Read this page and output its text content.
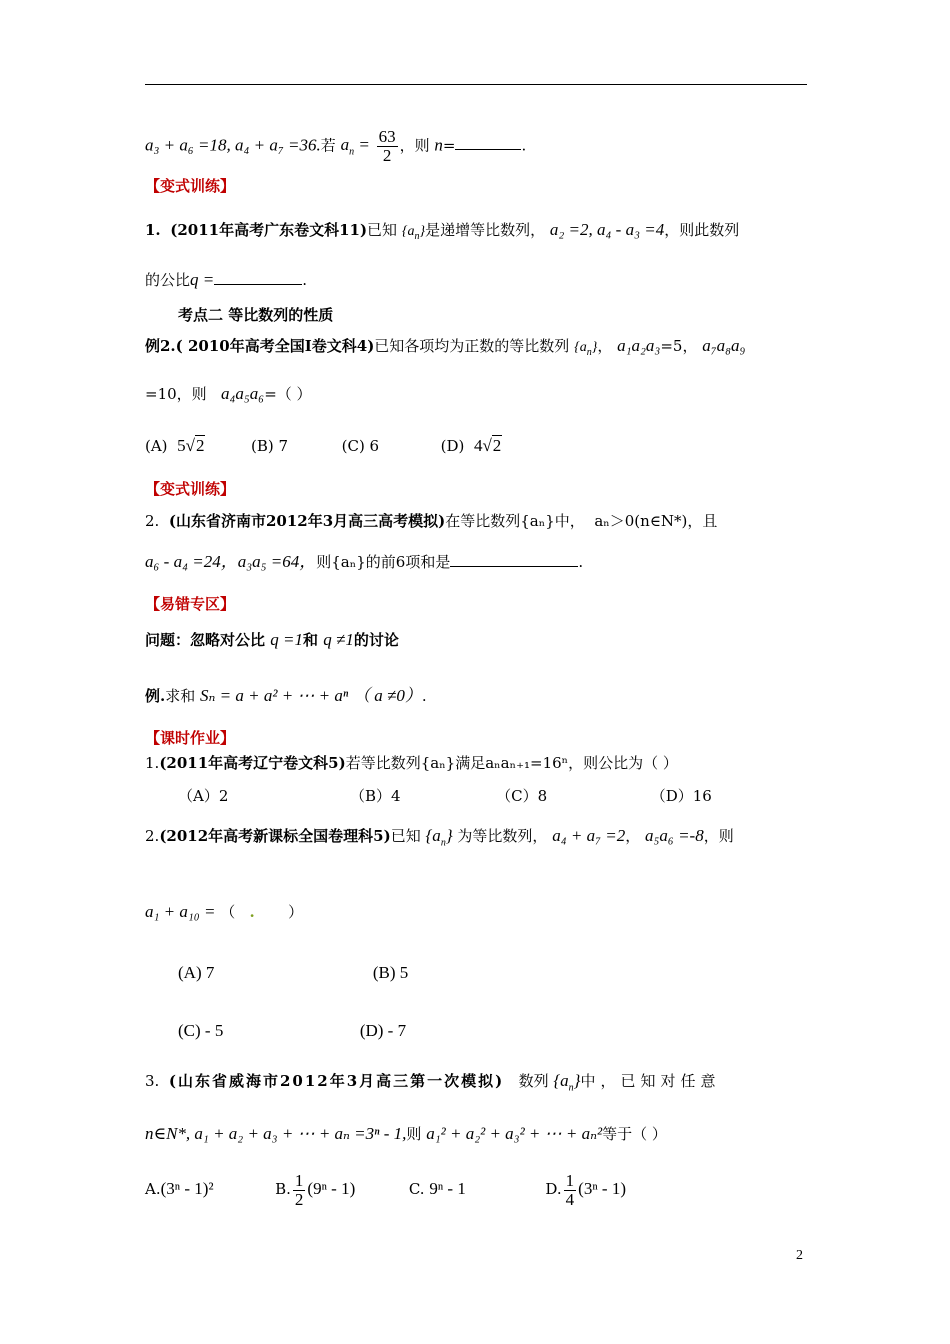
a₃ + a₆ =18, a₄ + a₇ =36.若 $a_n = \frac{63}{2}$ ，则 n=	.
【变式训练】
1. (2011年高考广东卷文科11)已知 $\{a_n\}$是递增等比数列， a₂ =2, a₄ - a₃ =4，则此数列
的公比q =	.
考点二 等比数列的性质
例2.( 2010年高考全国Ⅰ卷文科4)已知各项均为正数的等比数列 $\{a_n\}$， a₁a₂a₃=5， a₇a₈a₉
=10，则 a₄a₅a₆=（ ）
(A) 5√2	(B) 7	(C) 6	(D) 4√2
【变式训练】
2. (山东省济南市2012年3月高三高考模拟)在等比数列{aₙ}中， aₙ＞0(n∈N*)，且
a₆ - a₄ =24，a₃a₅ =64，则{aₙ}的前6项和是	.
【易错专区】
问题：忽略对公比 q =1和 q ≠1的讨论
例.求和 Sₙ = a + a² + ⋯ + aⁿ （ a ≠0）.
【课时作业】
1.(2011年高考辽宁卷文科5)若等比数列{aₙ}满足aₙaₙ₊₁=16ⁿ，则公比为（ ）
（A）2	（B）4	（C）8	（D）16
2.(2012年高考新课标全国卷理科5)已知 $\{a_n\}$ 为等比数列， a₄ + a₇ =2， a₅a₆ =-8，则
a₁ + a₁₀ = （ . ）
(A) 7	(B) 5
(C) - 5	(D) - 7
3. (山东省威海市2012年3月高三第一次模拟) 数列 $\{a_n\}$中，已知对任意
n∈N*, a₁ + a₂ + a₃ + ⋯ + aₙ =3ⁿ - 1,则 a₁² + a₂² + a₃² + ⋯ + aₙ²等于（ ）
A.(3ⁿ - 1)²	B. $\frac{1}{2} (9^n - 1)$	C. 9ⁿ - 1	D. $\frac{1}{4} (3^n - 1)$
2
